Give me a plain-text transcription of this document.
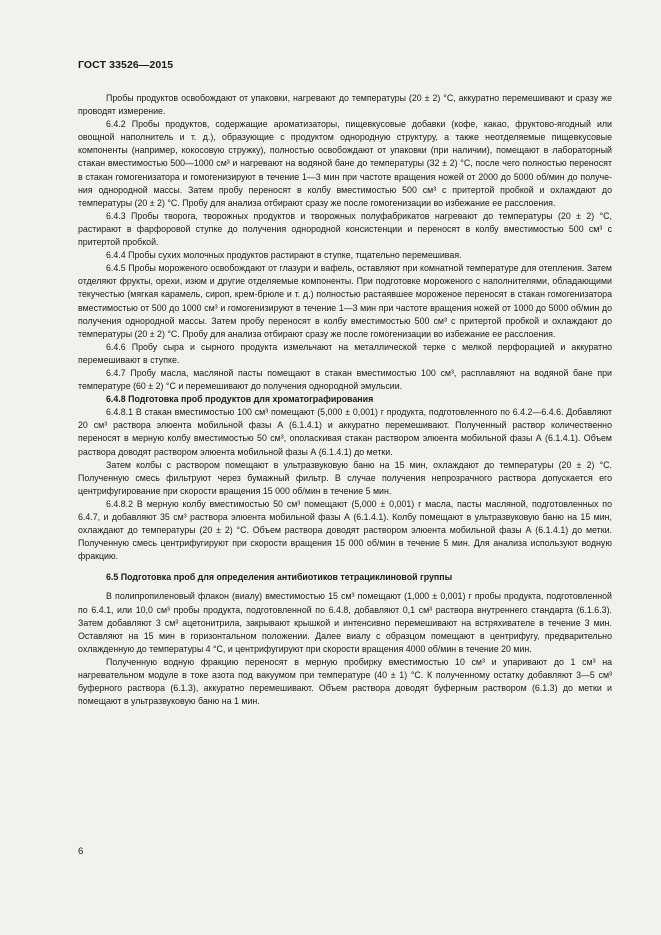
ГОСТ 33526—2015

Пробы продуктов освобождают от упаковки, нагревают до температуры (20 ± 2) °С, аккуратно перемешивают и сразу же проводят измерение.

6.4.2 Пробы продуктов, содержащие ароматизаторы, пищевкусовые добавки (кофе, какао, фруктово-ягодный или овощной наполнитель и т. д.), образующие с продуктом однородную структуру, а также неотделяемые пищевкусовые компоненты (например, кокосовую стружку), полностью освобождают от упаковки (при наличии), помещают в лабораторный стакан вместимостью 500—1000 см³ и нагревают на водяной бане до температуры (32 ± 2) °С, после чего полностью переносят в стакан гомогенизатора и гомогенизируют в течение 1—3 мин при частоте вращения ножей от 2000 до 5000 об/мин до получения однородной массы. Затем пробу переносят в колбу вместимостью 500 см³ с притертой пробкой и охлаждают до температуры (20 ± 2) °С. Пробу для анализа отбирают сразу же после гомогенизации во избежание ее расслоения.

6.4.3 Пробы творога, творожных продуктов и творожных полуфабрикатов нагревают до температуры (20 ± 2) °С, растирают в фарфоровой ступке до получения однородной консистенции и переносят в колбу вместимостью 500 см³ с притертой пробкой.

6.4.4 Пробы сухих молочных продуктов растирают в ступке, тщательно перемешивая.

6.4.5 Пробы мороженого освобождают от глазури и вафель, оставляют при комнатной температуре для отепления. Затем отделяют фрукты, орехи, изюм и другие отделяемые компоненты. При подготовке мороженого с наполнителями, обладающими текучестью (мягкая карамель, сироп, крем-брюле и т. д.) полностью растаявшее мороженое переносят в стакан гомогенизатора вместимостью от 500 до 1000 см³ и гомогенизируют в течение 1—3 мин при частоте вращения ножей от 1000 до 5000 об/мин до получения однородной массы. Затем пробу переносят в колбу вместимостью 500 см³ с притертой пробкой и охлаждают до температуры (20 ± 2) °С. Пробу для анализа отбирают сразу же после гомогенизации во избежание ее расслоения.

6.4.6 Пробу сыра и сырного продукта измельчают на металлической терке с мелкой перфорацией и аккуратно перемешивают в ступке.

6.4.7 Пробу масла, масляной пасты помещают в стакан вместимостью 100 см³, расплавляют на водяной бане при температуре (60 ± 2) °С и перемешивают до получения однородной эмульсии.

6.4.8 Подготовка проб продуктов для хроматографирования

6.4.8.1 В стакан вместимостью 100 см³ помещают (5,000 ± 0,001) г продукта, подготовленного по 6.4.2—6.4.6. Добавляют 20 см³ раствора элюента мобильной фазы А (6.1.4.1) и аккуратно перемешивают. Полученный раствор количественно переносят в мерную колбу вместимостью 50 см³, ополаскивая стакан раствором элюента мобильной фазы А (6.1.4.1). Объем раствора доводят раствором элюента мобильной фазы А (6.1.4.1) до метки.

Затем колбы с раствором помещают в ультразвуковую баню на 15 мин, охлаждают до температуры (20 ± 2) °С. Полученную смесь фильтруют через бумажный фильтр. В случае получения непрозрачного раствора допускается его центрифугирование при скорости вращения 15 000 об/мин в течение 5 мин.

6.4.8.2 В мерную колбу вместимостью 50 см³ помещают (5,000 ± 0,001) г масла, пасты масляной, подготовленных по 6.4.7, и добавляют 35 см³ раствора элюента мобильной фазы А (6.1.4.1). Колбу помещают в ультразвуковую баню на 15 мин, охлаждают до температуры (20 ± 2) °С. Объем раствора доводят раствором элюента мобильной фазы А (6.1.4.1) до метки. Полученную смесь центрифугируют при скорости вращения 15 000 об/мин в течение 5 мин. Для анализа используют водную фракцию.

6.5 Подготовка проб для определения антибиотиков тетрациклиновой группы

В полипропиленовый флакон (виалу) вместимостью 15 см³ помещают (1,000 ± 0,001) г пробы продукта, подготовленной по 6.4.1, или 10,0 см³ пробы продукта, подготовленной по 6.4.8, добавляют 0,1 см³ раствора внутреннего стандарта (6.1.6.3). Затем добавляют 3 см³ ацетонитрила, закрывают крышкой и интенсивно перемешивают на встряхивателе в течение 3 мин. Оставляют на 15 мин в горизонтальном положении. Далее виалу с образцом помещают в центрифугу, предварительно охлажденную до температуры 4 °С, и центрифугируют при скорости вращения 4000 об/мин в течение 20 мин.

Полученную водную фракцию переносят в мерную пробирку вместимостью 10 см³ и упаривают до 1 см³ на нагревательном модуле в токе азота под вакуумом при температуре (40 ± 1) °С. К полученному остатку добавляют 3—5 см³ буферного раствора (6.1.3), аккуратно перемешивают. Объем раствора доводят буферным раствором (6.1.3) до метки и помещают в ультразвуковую баню на 1 мин.

6
